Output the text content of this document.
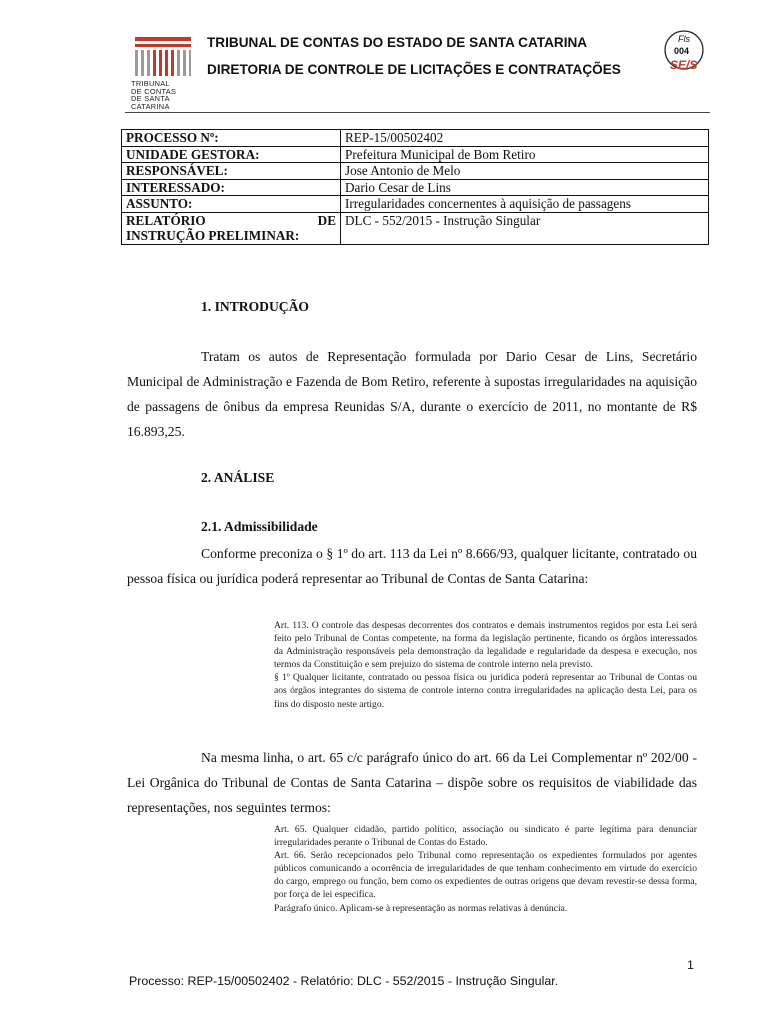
TRIBUNAL
DE CONTAS
DE SANTA
CATARINA
TRIBUNAL DE CONTAS DO ESTADO DE SANTA CATARINA
DIRETORIA DE CONTROLE DE LICITAÇÕES E CONTRATAÇÕES
Fls
004
SE/S
PROCESSO Nº:	REP-15/00502402
UNIDADE GESTORA:	Prefeitura Municipal de Bom Retiro
RESPONSÁVEL:	Jose Antonio de Melo
INTERESSADO:	Dario Cesar de Lins
ASSUNTO:	Irregularidades concernentes à aquisição de passagens

RELATÓRIO DE
INSTRUÇÃO PRELIMINAR:	DLC - 552/2015 - Instrução Singular
1. INTRODUÇÃO
Tratam os autos de Representação formulada por Dario Cesar de Lins, Secretário Municipal de Administração e Fazenda de Bom Retiro, referente à supostas irregularidades na aquisição de passagens de ônibus da empresa Reunidas S/A, durante o exercício de 2011, no montante de R$ 16.893,25.
2. ANÁLISE
2.1. Admissibilidade
Conforme preconiza o § 1º do art. 113 da Lei nº 8.666/93, qualquer licitante, contratado ou pessoa física ou jurídica poderá representar ao Tribunal de Contas de Santa Catarina:
Art. 113. O controle das despesas decorrentes dos contratos e demais instrumentos regidos por esta Lei será feito pelo Tribunal de Contas competente, na forma da legislação pertinente, ficando os órgãos interessados da Administração responsáveis pela demonstração da legalidade e regularidade da despesa e execução, nos termos da Constituição e sem prejuízo do sistema de controle interno nela previsto.
§ 1º Qualquer licitante, contratado ou pessoa física ou jurídica poderá representar ao Tribunal de Contas ou aos órgãos integrantes do sistema de controle interno contra irregularidades na aplicação desta Lei, para os fins do disposto neste artigo.
Na mesma linha, o art. 65 c/c parágrafo único do art. 66 da Lei Complementar nº 202/00 - Lei Orgânica do Tribunal de Contas de Santa Catarina – dispõe sobre os requisitos de viabilidade das representações, nos seguintes termos:
Art. 65. Qualquer cidadão, partido político, associação ou sindicato é parte legítima para denunciar irregularidades perante o Tribunal de Contas do Estado.
Art. 66. Serão recepcionados pelo Tribunal como representação os expedientes formulados por agentes públicos comunicando a ocorrência de irregularidades de que tenham conhecimento em virtude do exercício do cargo, emprego ou função, bem como os expedientes de outras origens que devam revestir-se dessa forma, por força de lei específica.
Parágrafo único. Aplicam-se à representação as normas relativas à denúncia.
1
Processo: REP-15/00502402 - Relatório: DLC - 552/2015 - Instrução Singular.
